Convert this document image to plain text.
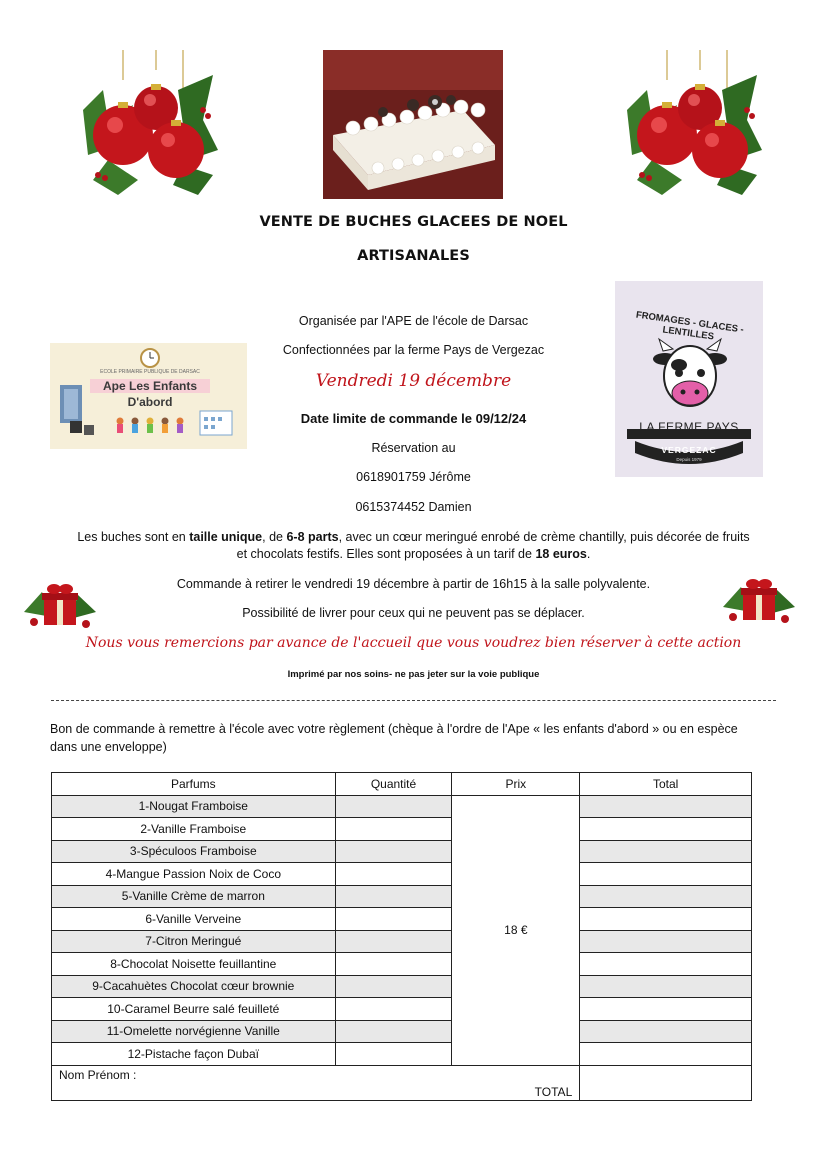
VENTE DE BUCHES GLACEES DE NOEL
ARTISANALES
ECOLE PRIMAIRE PUBLIQUE DE DARSAC
Ape Les Enfants
D'abord
FROMAGES - GLACES - LENTILLES
LA FERME PAYS
VERGEZAC
Depuis 1979
Organisée par l'APE de l'école de Darsac
Confectionnées par la ferme Pays de Vergezac
Vendredi 19 décembre
Date limite de commande le 09/12/24
Réservation au
0618901759 Jérôme
0615374452 Damien
Les buches sont en taille unique, de 6-8 parts, avec un cœur meringué enrobé de crème chantilly, puis décorée de fruits
et chocolats festifs. Elles sont proposées à un tarif de 18 euros.
Commande à retirer le vendredi 19 décembre à partir de 16h15 à la salle polyvalente.
Possibilité de livrer pour ceux qui ne peuvent pas se déplacer.
Nous vous remercions par avance de l'accueil que vous voudrez bien réserver à cette action
Imprimé par nos soins- ne pas jeter sur la voie publique
Bon de commande à remettre à l'école avec votre règlement (chèque à l'ordre de l'Ape « les enfants d'abord » ou en espèce dans une enveloppe)
Parfums	Quantité	Prix	Total
1-Nougat Framboise		18 €	
2-Vanille Framboise			
3-Spéculoos Framboise			
4-Mangue Passion Noix de Coco			
5-Vanille Crème de marron			
6-Vanille Verveine			
7-Citron Meringué			
8-Chocolat Noisette feuillantine			
9-Cacahuètes Chocolat cœur brownie			
10-Caramel Beurre salé feuilleté			
11-Omelette norvégienne Vanille			
12-Pistache façon Dubaï			

Nom Prénom :
TOTAL			
